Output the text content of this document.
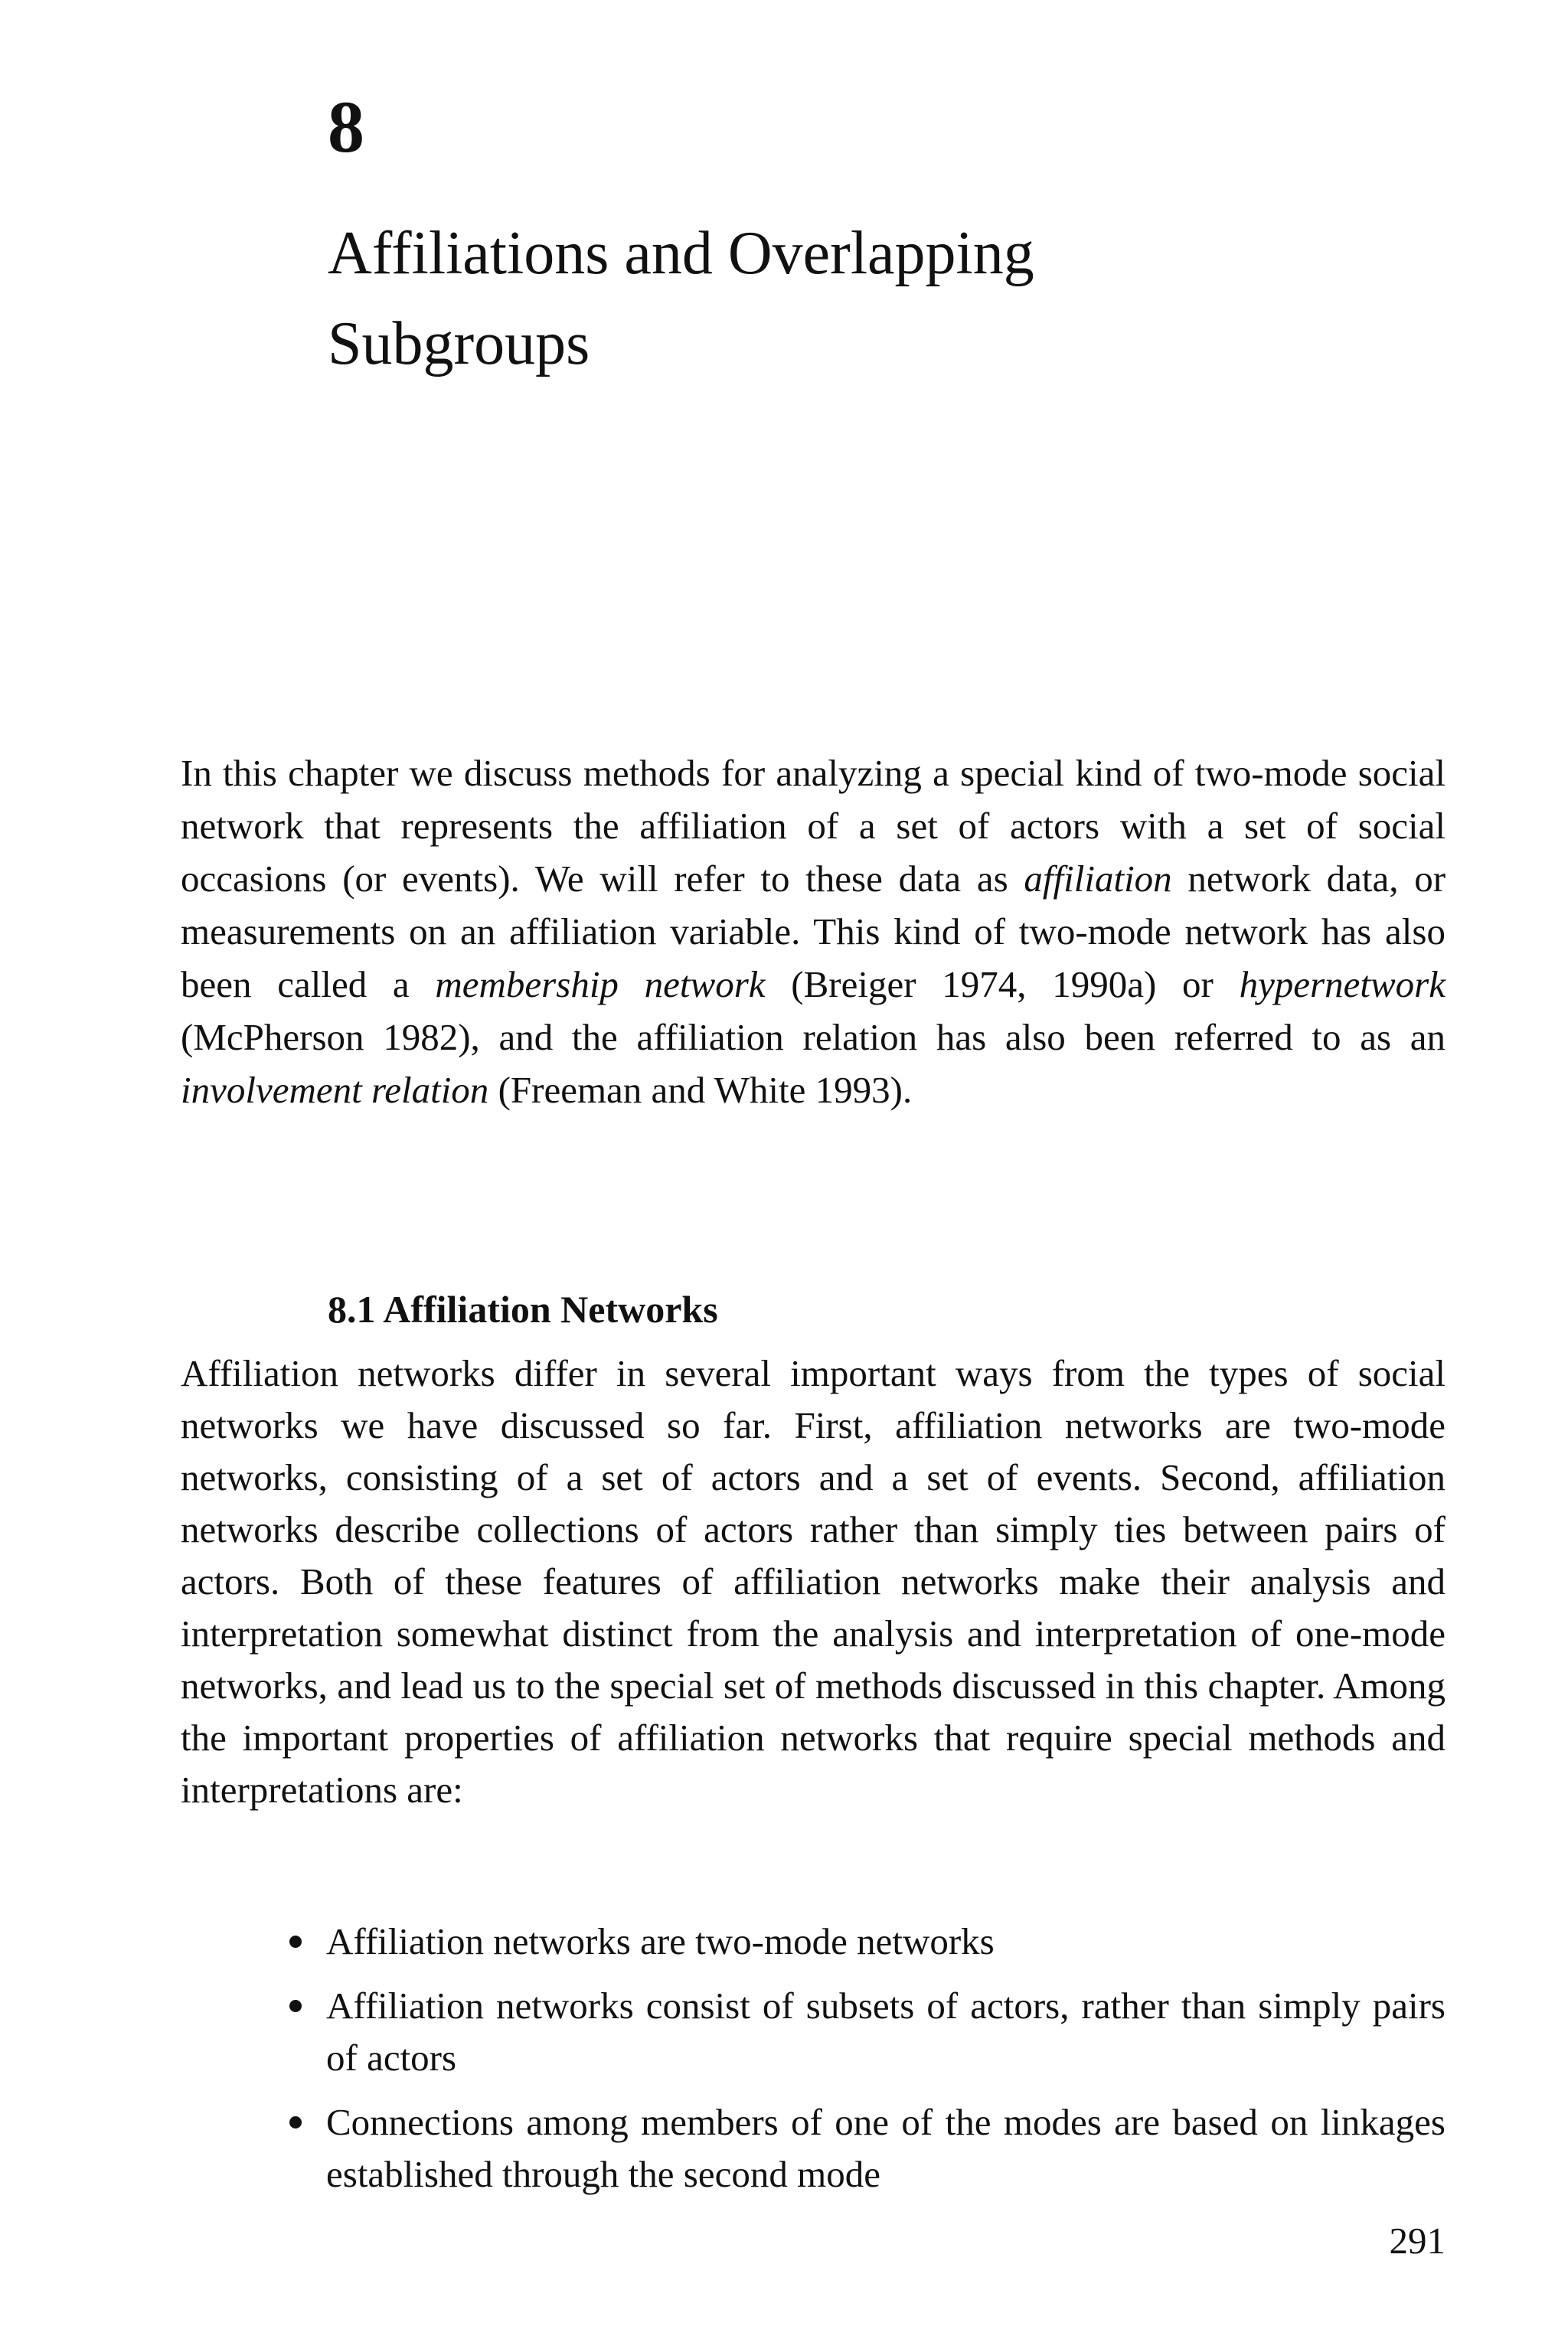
8
Affiliations and Overlapping
Subgroups

In this chapter we discuss methods for analyzing a special kind of two-mode social network that represents the affiliation of a set of actors with a set of social occasions (or events). We will refer to these data as affiliation network data, or measurements on an affiliation variable. This kind of two-mode network has also been called a membership network (Breiger 1974, 1990a) or hypernetwork (McPherson 1982), and the affiliation relation has also been referred to as an involvement relation (Freeman and White 1993).

8.1 Affiliation Networks

Affiliation networks differ in several important ways from the types of social networks we have discussed so far. First, affiliation networks are two-mode networks, consisting of a set of actors and a set of events. Second, affiliation networks describe collections of actors rather than simply ties between pairs of actors. Both of these features of affiliation networks make their analysis and interpretation somewhat distinct from the analysis and interpretation of one-mode networks, and lead us to the special set of methods discussed in this chapter. Among the important properties of affiliation networks that require special methods and interpretations are:

Affiliation networks are two-mode networks
Affiliation networks consist of subsets of actors, rather than simply pairs of actors
Connections among members of one of the modes are based on linkages established through the second mode
291
